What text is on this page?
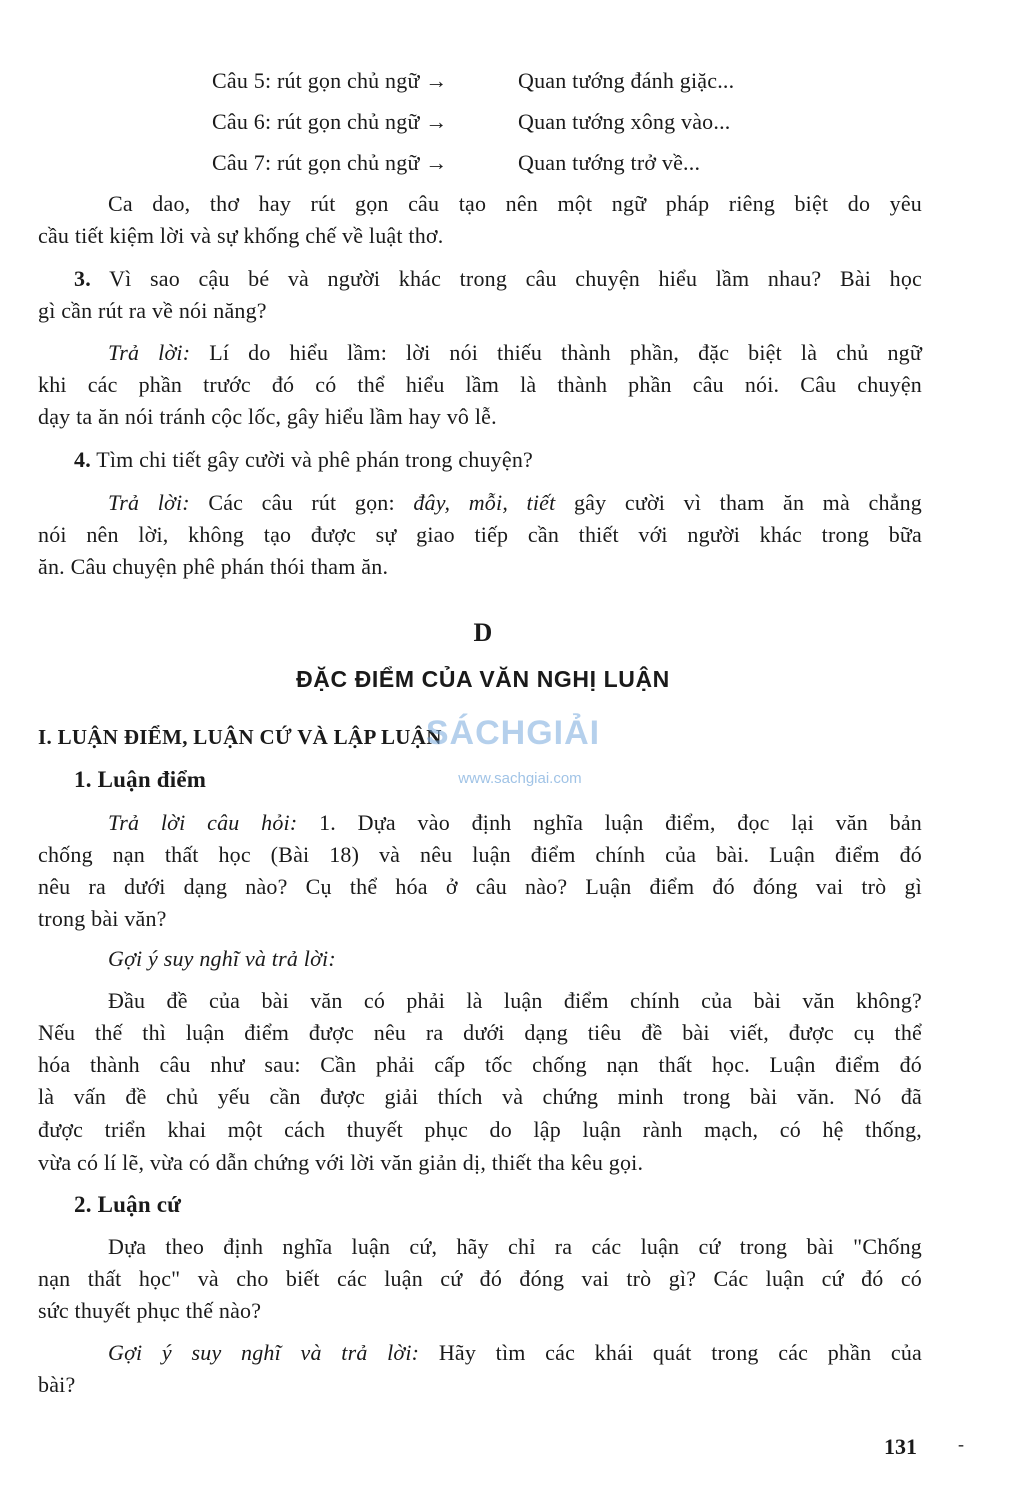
Câu 5: rút gọn chủ ngữ →	Quan tướng đánh giặc...
Câu 6: rút gọn chủ ngữ →	Quan tướng xông vào...
Câu 7: rút gọn chủ ngữ →	Quan tướng trở về...
Ca dao, thơ hay rút gọn câu tạo nên một ngữ pháp riêng biệt do yêu
cầu tiết kiệm lời và sự khống chế về luật thơ.
3. Vì sao cậu bé và người khác trong câu chuyện hiểu lầm nhau? Bài học
gì cần rút ra về nói năng?
Trả lời: Lí do hiểu lầm: lời nói thiếu thành phần, đặc biệt là chủ ngữ
khi các phần trước đó có thể hiểu lầm là thành phần câu nói. Câu chuyện
dạy ta ăn nói tránh cộc lốc, gây hiểu lầm hay vô lễ.
4. Tìm chi tiết gây cười và phê phán trong chuyện?
Trả lời: Các câu rút gọn: đây, mỗi, tiết gây cười vì tham ăn mà chẳng
nói nên lời, không tạo được sự giao tiếp cần thiết với người khác trong bữa
ăn. Câu chuyện phê phán thói tham ăn.
D
ĐẶC ĐIỂM CỦA VĂN NGHỊ LUẬN
I. LUẬN ĐIỂM, LUẬN CỨ VÀ LẬP LUẬN
SÁCHGIẢI
www.sachgiai.com
1. Luận điểm
Trả lời câu hỏi: 1. Dựa vào định nghĩa luận điểm, đọc lại văn bản
chống nạn thất học (Bài 18) và nêu luận điểm chính của bài. Luận điểm đó
nêu ra dưới dạng nào? Cụ thể hóa ở câu nào? Luận điểm đó đóng vai trò gì
trong bài văn?
Gợi ý suy nghĩ và trả lời:
Đầu đề của bài văn có phải là luận điểm chính của bài văn không?
Nếu thế thì luận điểm được nêu ra dưới dạng tiêu đề bài viết, được cụ thể
hóa thành câu như sau: Cần phải cấp tốc chống nạn thất học. Luận điểm đó
là vấn đề chủ yếu cần được giải thích và chứng minh trong bài văn. Nó đã
được triển khai một cách thuyết phục do lập luận rành mạch, có hệ thống,
vừa có lí lẽ, vừa có dẫn chứng với lời văn giản dị, thiết tha kêu gọi.
2. Luận cứ
Dựa theo định nghĩa luận cứ, hãy chỉ ra các luận cứ trong bài "Chống
nạn thất học" và cho biết các luận cứ đó đóng vai trò gì? Các luận cứ đó có
sức thuyết phục thế nào?
Gợi ý suy nghĩ và trả lời: Hãy tìm các khái quát trong các phần của
bài?
131 -
